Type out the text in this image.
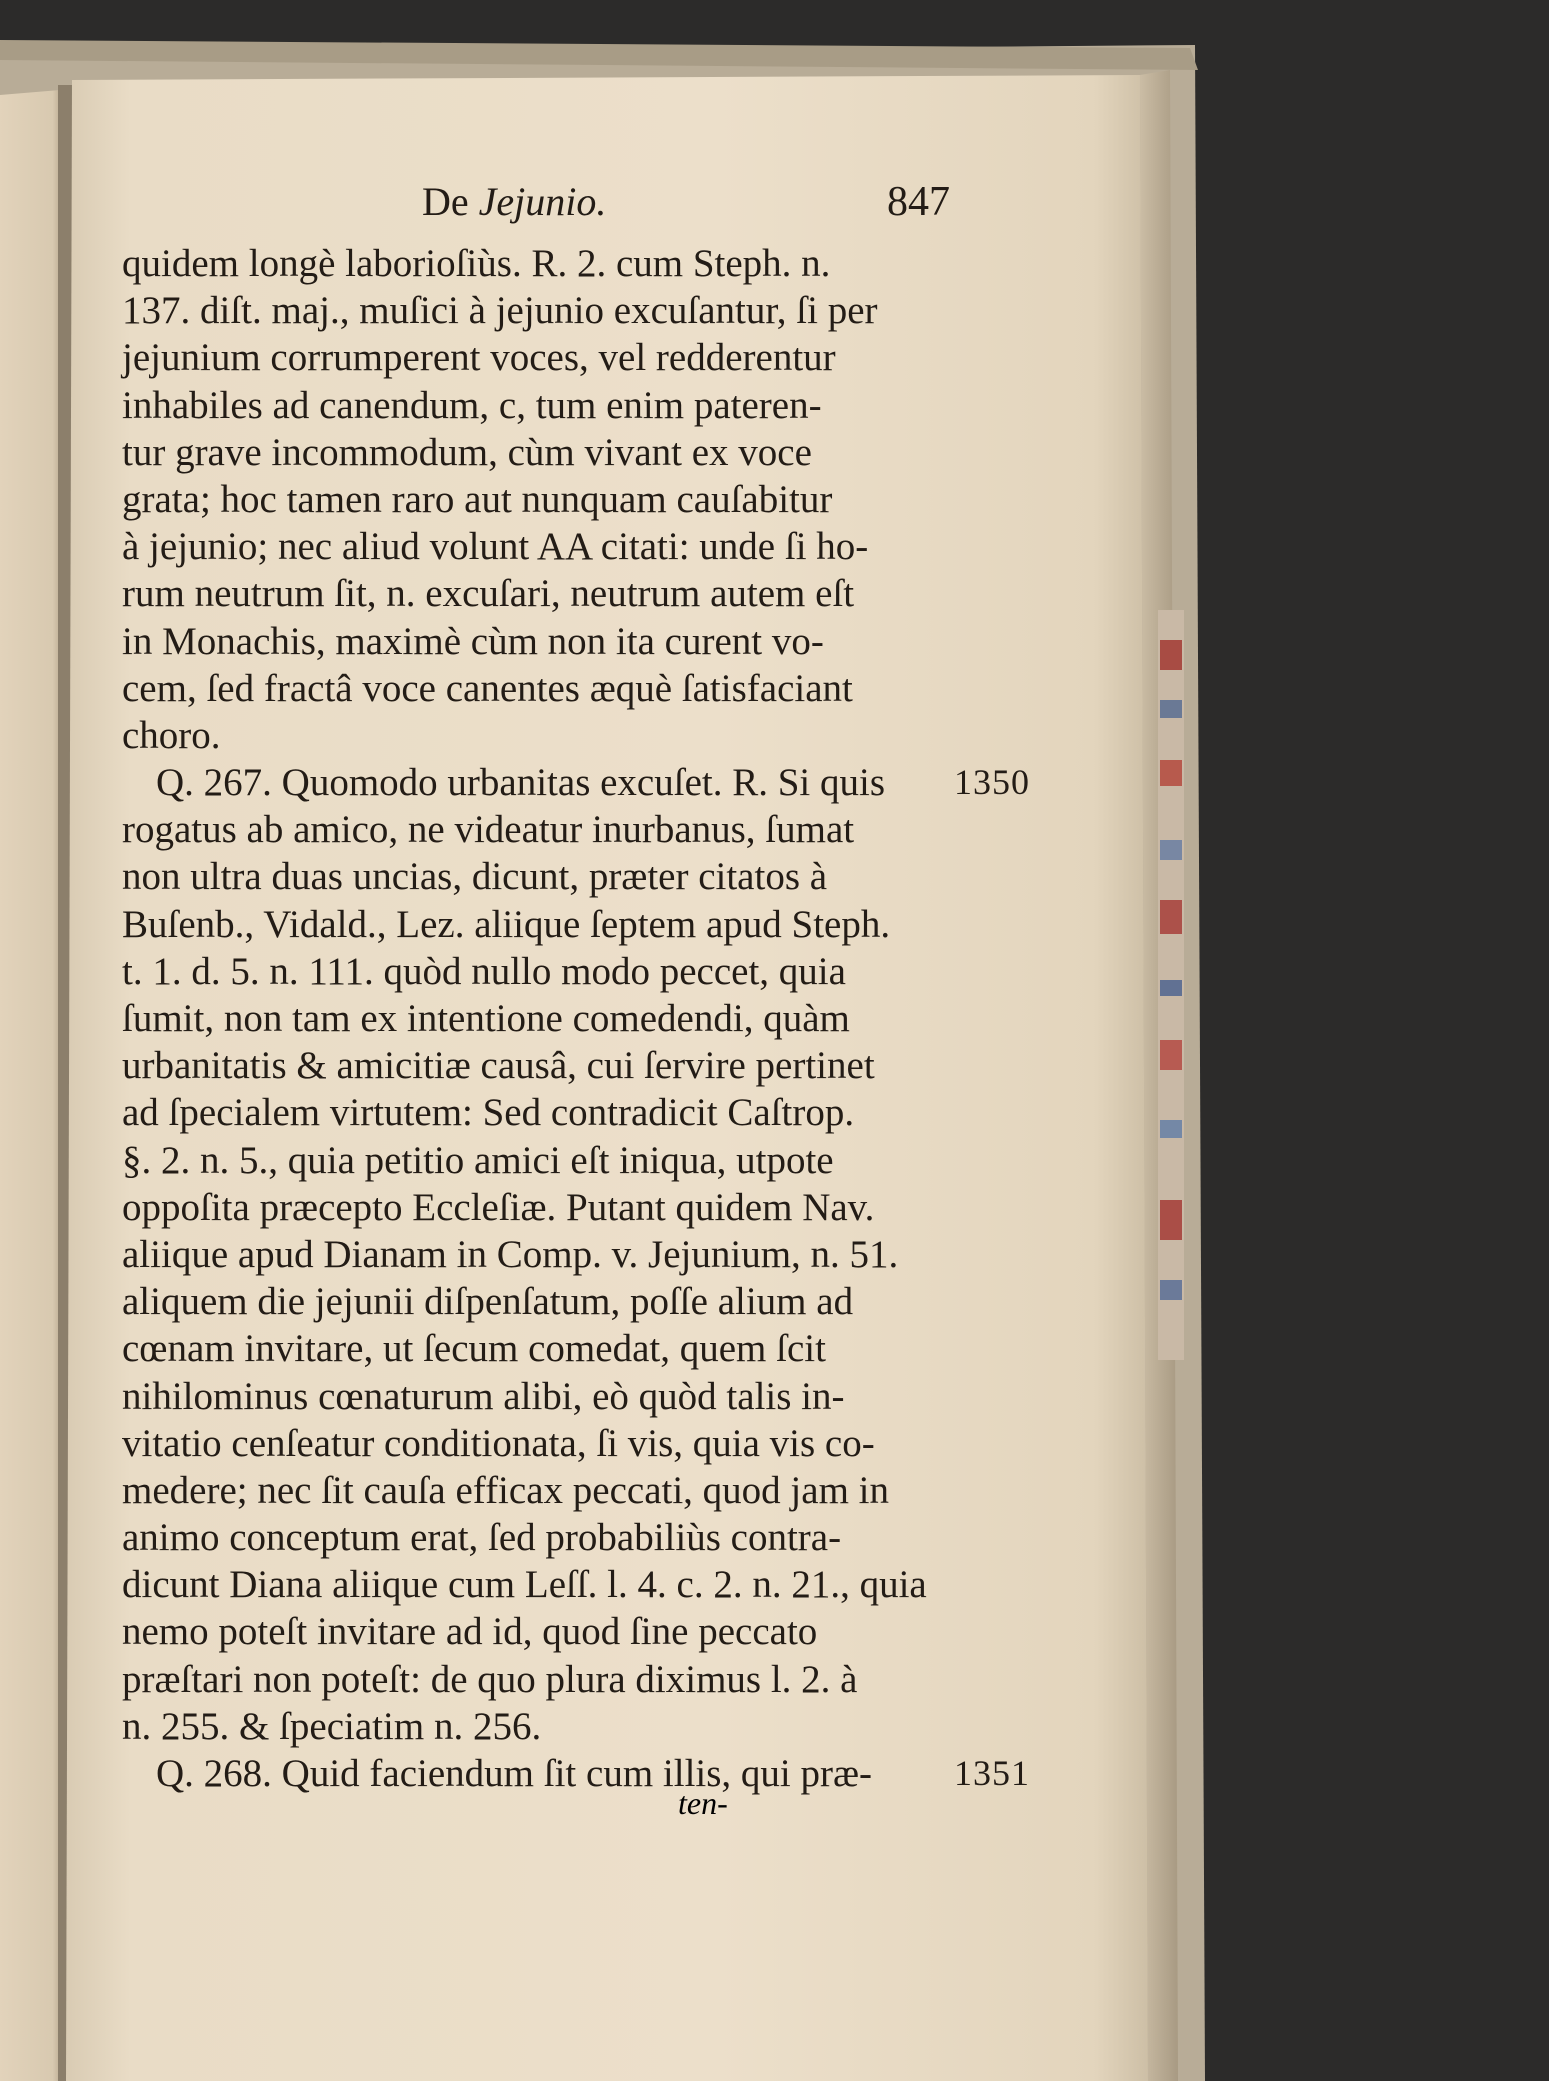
De Jejunio.	847
quidem longè laborioſiùs. R. 2. cum Steph. n.
137. diſt. maj., muſici à jejunio excuſantur, ſi per
jejunium corrumperent voces, vel redderentur
inhabiles ad canendum, c, tum enim pateren-
tur grave incommodum, cùm vivant ex voce
grata; hoc tamen raro aut nunquam cauſabitur
à jejunio; nec aliud volunt AA citati: unde ſi ho-
rum neutrum ſit, n. excuſari, neutrum autem eſt
in Monachis, maximè cùm non ita curent vo-
cem, ſed fractâ voce canentes æquè ſatisfaciant
choro.
Q. 267. Quomodo urbanitas excuſet. R. Si quis 1350
rogatus ab amico, ne videatur inurbanus, ſumat
non ultra duas uncias, dicunt, præter citatos à
Buſenb., Vidald., Lez. aliique ſeptem apud Steph.
t. 1. d. 5. n. 111. quòd nullo modo peccet, quia
ſumit, non tam ex intentione comedendi, quàm
urbanitatis & amicitiæ causâ, cui ſervire pertinet
ad ſpecialem virtutem: Sed contradicit Caſtrop.
§. 2. n. 5., quia petitio amici eſt iniqua, utpote
oppoſita præcepto Eccleſiæ. Putant quidem Nav.
aliique apud Dianam in Comp. v. Jejunium, n. 51.
aliquem die jejunii diſpenſatum, poſſe alium ad
cœnam invitare, ut ſecum comedat, quem ſcit
nihilominus cœnaturum alibi, eò quòd talis in-
vitatio cenſeatur conditionata, ſi vis, quia vis co-
medere; nec ſit cauſa efficax peccati, quod jam in
animo conceptum erat, ſed probabiliùs contra-
dicunt Diana aliique cum Leſſ. l. 4. c. 2. n. 21., quia
nemo poteſt invitare ad id, quod ſine peccato
præſtari non poteſt: de quo plura diximus l. 2. à
n. 255. & ſpeciatim n. 256.
Q. 268. Quid faciendum ſit cum illis, qui præ- 1351
ten-
